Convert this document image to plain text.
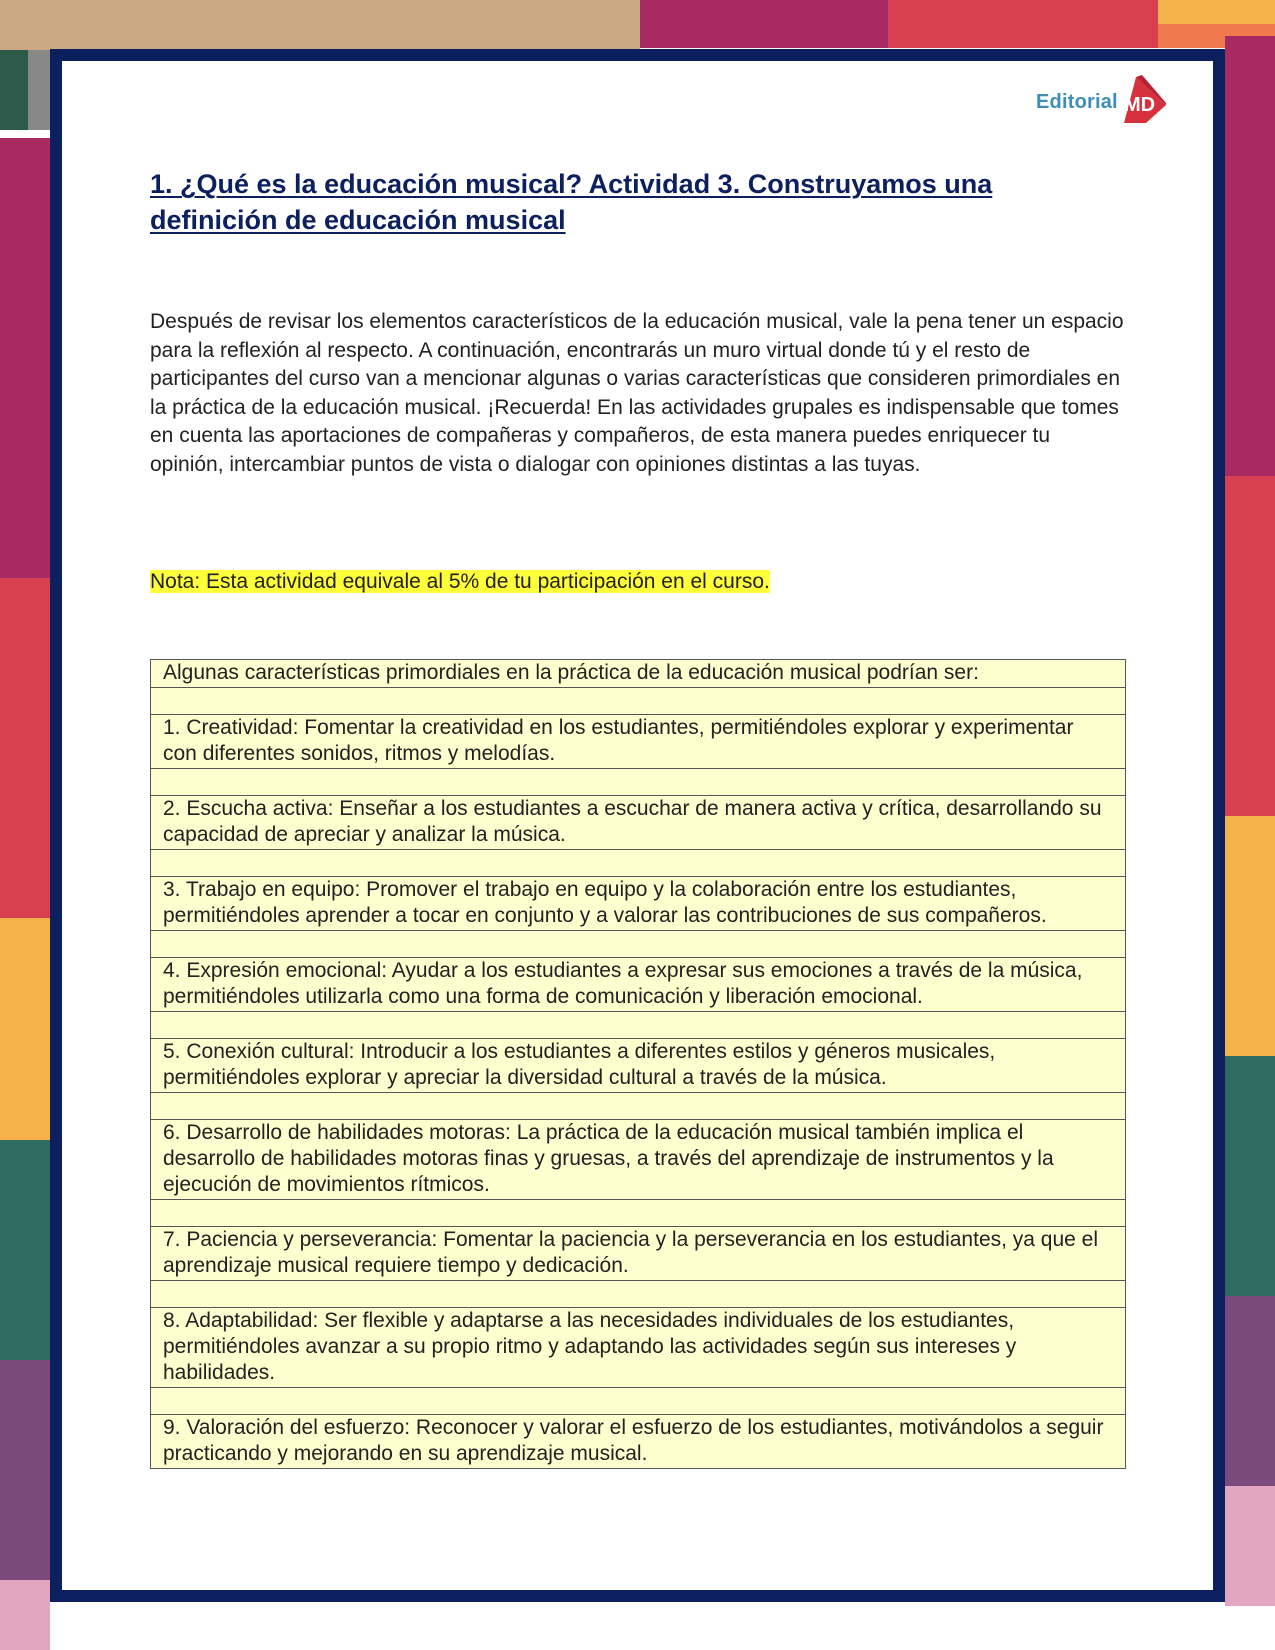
Editorial MD
1. ¿Qué es la educación musical? Actividad 3. Construyamos una definición de educación musical

Después de revisar los elementos característicos de la educación musical, vale la pena tener un espacio para la reflexión al respecto. A continuación, encontrarás un muro virtual donde tú y el resto de participantes del curso van a mencionar algunas o varias características que consideren primordiales en la práctica de la educación musical. ¡Recuerda! En las actividades grupales es indispensable que tomes en cuenta las aportaciones de compañeras y compañeros, de esta manera puedes enriquecer tu opinión, intercambiar puntos de vista o dialogar con opiniones distintas a las tuyas.

Nota: Esta actividad equivale al 5% de tu participación en el curso.

Algunas características primordiales en la práctica de la educación musical podrían ser:

1. Creatividad: Fomentar la creatividad en los estudiantes, permitiéndoles explorar y experimentar con diferentes sonidos, ritmos y melodías.

2. Escucha activa: Enseñar a los estudiantes a escuchar de manera activa y crítica, desarrollando su capacidad de apreciar y analizar la música.

3. Trabajo en equipo: Promover el trabajo en equipo y la colaboración entre los estudiantes, permitiéndoles aprender a tocar en conjunto y a valorar las contribuciones de sus compañeros.

4. Expresión emocional: Ayudar a los estudiantes a expresar sus emociones a través de la música, permitiéndoles utilizarla como una forma de comunicación y liberación emocional.

5. Conexión cultural: Introducir a los estudiantes a diferentes estilos y géneros musicales, permitiéndoles explorar y apreciar la diversidad cultural a través de la música.

6. Desarrollo de habilidades motoras: La práctica de la educación musical también implica el desarrollo de habilidades motoras finas y gruesas, a través del aprendizaje de instrumentos y la ejecución de movimientos rítmicos.

7. Paciencia y perseverancia: Fomentar la paciencia y la perseverancia en los estudiantes, ya que el aprendizaje musical requiere tiempo y dedicación.

8. Adaptabilidad: Ser flexible y adaptarse a las necesidades individuales de los estudiantes, permitiéndoles avanzar a su propio ritmo y adaptando las actividades según sus intereses y habilidades.

9. Valoración del esfuerzo: Reconocer y valorar el esfuerzo de los estudiantes, motivándolos a seguir practicando y mejorando en su aprendizaje musical.
